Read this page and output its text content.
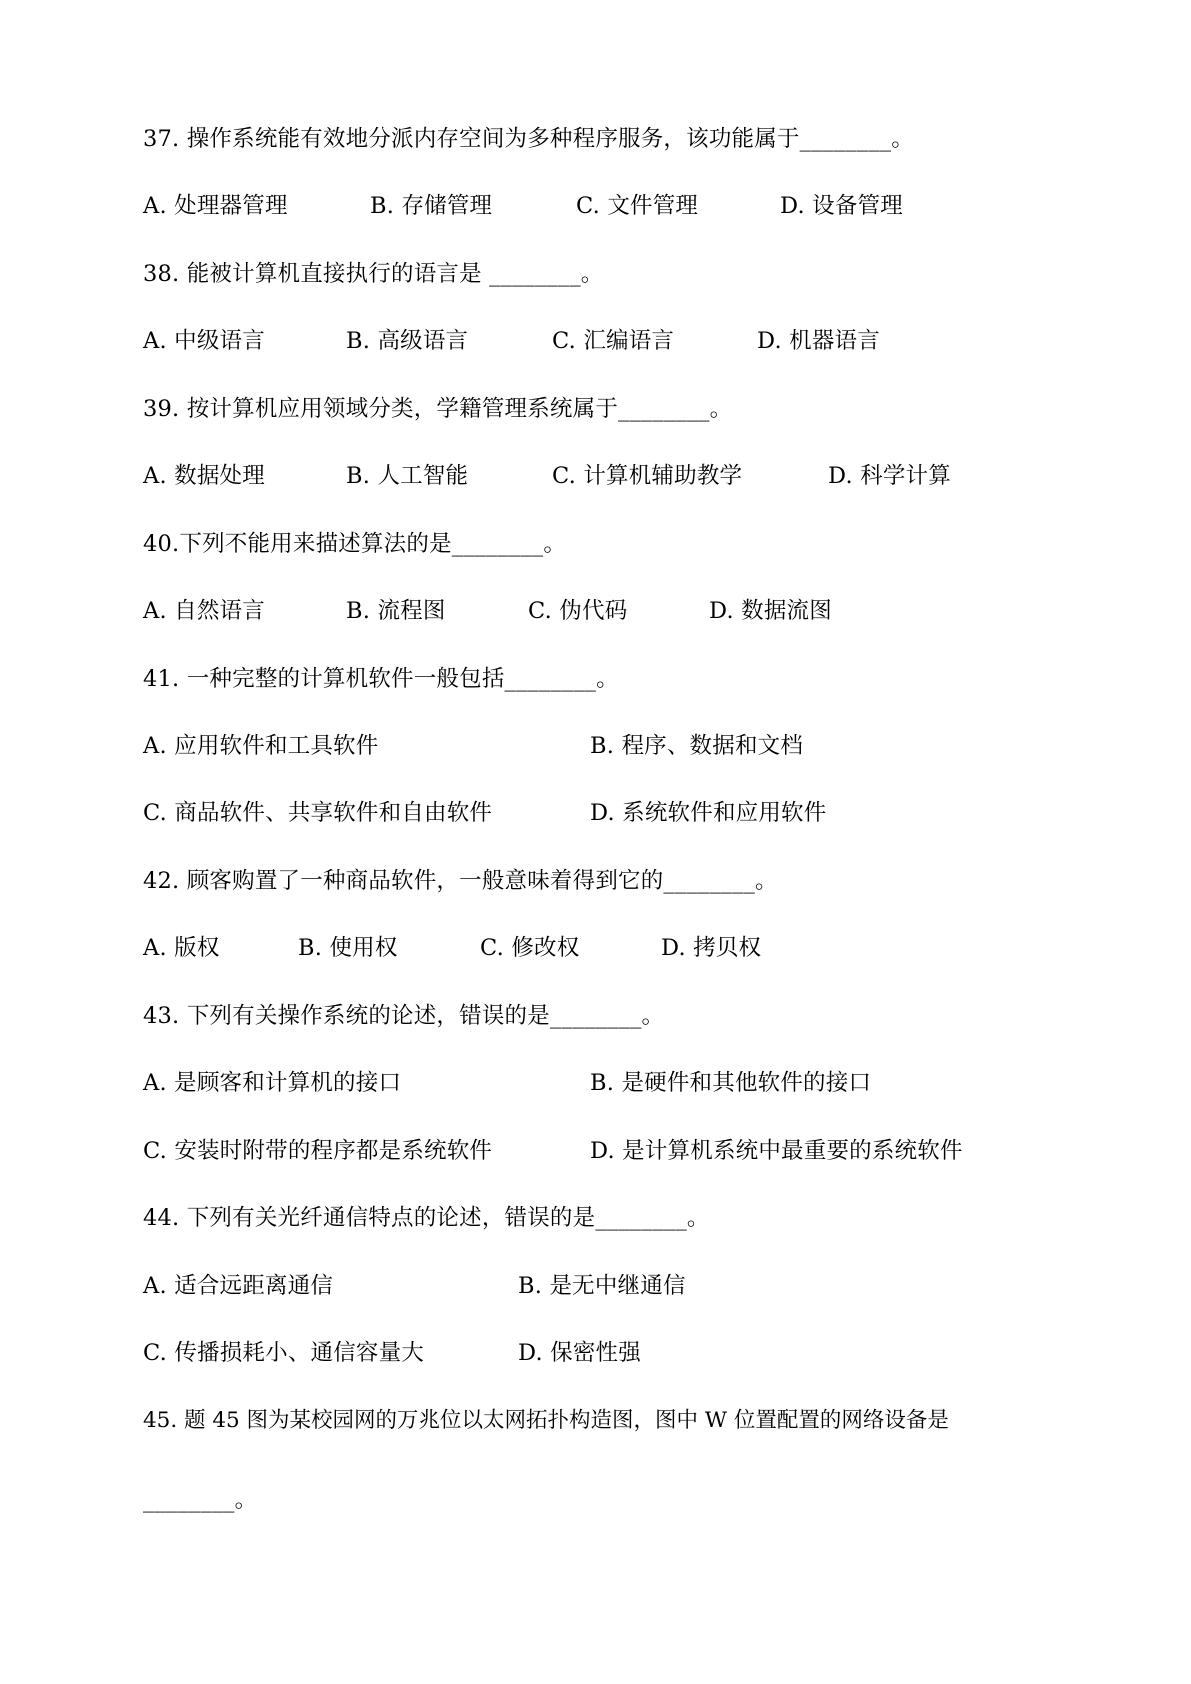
37. 操作系统能有效地分派内存空间为多种程序服务，该功能属于________。
A. 处理器管理	B. 存储管理	C. 文件管理	D. 设备管理
38. 能被计算机直接执行的语言是 ________。
A. 中级语言	B. 高级语言	C. 汇编语言	D. 机器语言
39. 按计算机应用领域分类，学籍管理系统属于________。
A. 数据处理	B. 人工智能	C. 计算机辅助教学	D. 科学计算
40.下列不能用来描述算法的是________。
A. 自然语言	B. 流程图	C. 伪代码	D. 数据流图
41. 一种完整的计算机软件一般包括________。
A. 应用软件和工具软件	B. 程序、数据和文档
C. 商品软件、共享软件和自由软件	D. 系统软件和应用软件
42. 顾客购置了一种商品软件，一般意味着得到它的________。
A. 版权	B. 使用权	C. 修改权	D. 拷贝权
43. 下列有关操作系统的论述，错误的是________。
A. 是顾客和计算机的接口	B. 是硬件和其他软件的接口
C. 安装时附带的程序都是系统软件	D. 是计算机系统中最重要的系统软件
44. 下列有关光纤通信特点的论述，错误的是________。
A. 适合远距离通信	B. 是无中继通信
C. 传播损耗小、通信容量大	D. 保密性强
45. 题 45 图为某校园网的万兆位以太网拓扑构造图，图中 W 位置配置的网络设备是
________。
